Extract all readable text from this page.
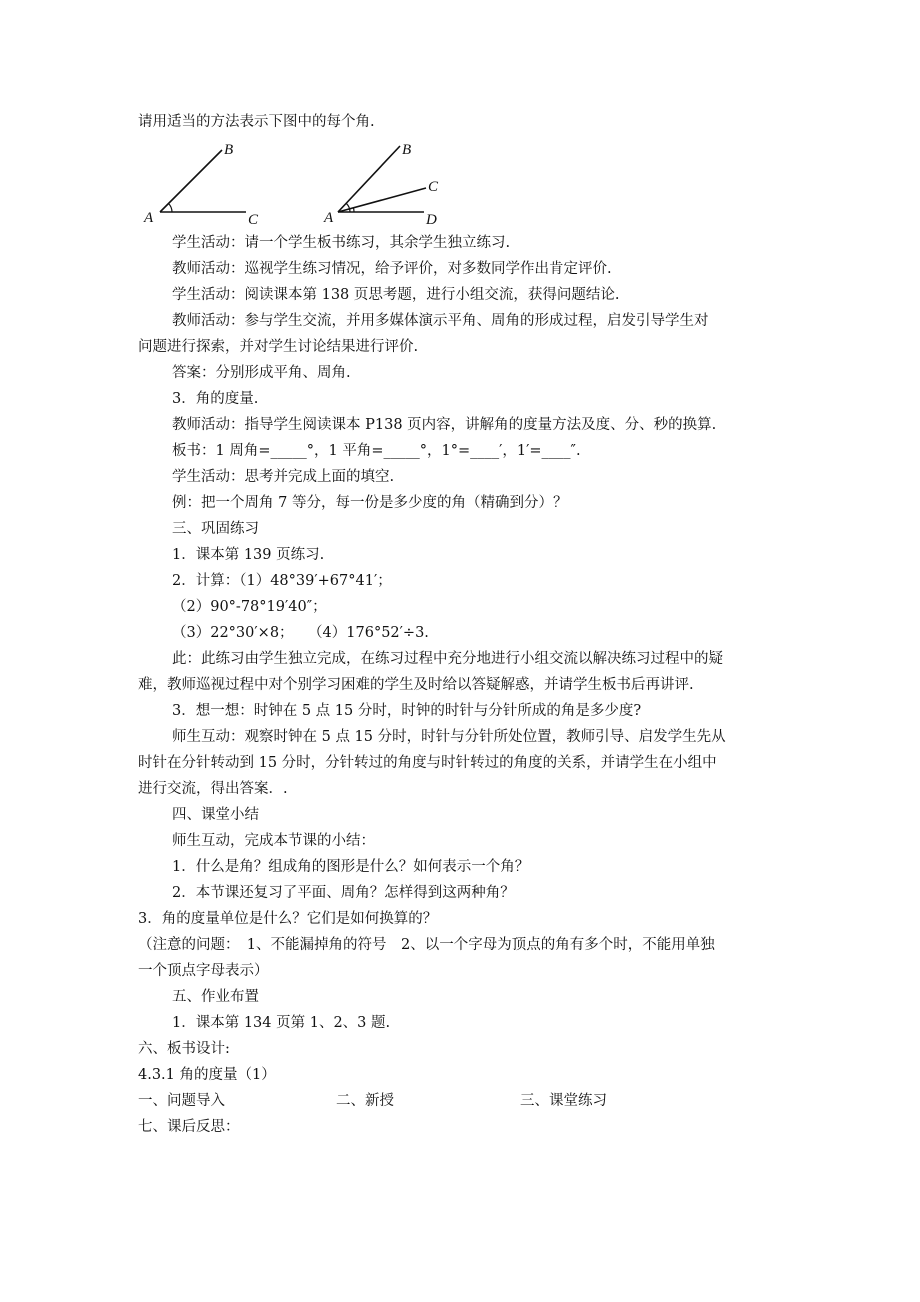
请用适当的方法表示下图中的每个角.
B
A	C
B
C
A	D
学生活动：请一个学生板书练习，其余学生独立练习.
教师活动：巡视学生练习情况，给予评价，对多数同学作出肯定评价.
学生活动：阅读课本第 138 页思考题，进行小组交流，获得问题结论.
教师活动：参与学生交流，并用多媒体演示平角、周角的形成过程，启发引导学生对
问题进行探索，并对学生讨论结果进行评价.
答案：分别形成平角、周角.
3．角的度量.
教师活动：指导学生阅读课本 P138 页内容，讲解角的度量方法及度、分、秒的换算.
板书：1 周角=_____°，1 平角=_____°，1°=____′，1′=____″.
学生活动：思考并完成上面的填空.
例：把一个周角 7 等分，每一份是多少度的角（精确到分）？
三、巩固练习
1．课本第 139 页练习.
2．计算：（1）48°39′+67°41′；
（2）90°-78°19′40″；
（3）22°30′×8；　　（4）176°52′÷3.
此：此练习由学生独立完成，在练习过程中充分地进行小组交流以解决练习过程中的疑
难，教师巡视过程中对个别学习困难的学生及时给以答疑解惑，并请学生板书后再讲评.
3．想一想：时钟在 5 点 15 分时，时钟的时针与分针所成的角是多少度?
师生互动：观察时钟在 5 点 15 分时，时针与分针所处位置，教师引导、启发学生先从
时针在分针转动到 15 分时，分针转过的角度与时针转过的角度的关系，并请学生在小组中
进行交流，得出答案．.
四、课堂小结
师生互动，完成本节课的小结：
1．什么是角？组成角的图形是什么？如何表示一个角？
2．本节课还复习了平面、周角？怎样得到这两种角？
3．角的度量单位是什么？它们是如何换算的？
（注意的问题：　1、不能漏掉角的符号　2、以一个字母为顶点的角有多个时，不能用单独
一个顶点字母表示）
五、作业布置
1．课本第 134 页第 1、2、3 题.
六、板书设计:
4.3.1 角的度量（1）
一、问题导入	二、新授	三、课堂练习
七、课后反思：
